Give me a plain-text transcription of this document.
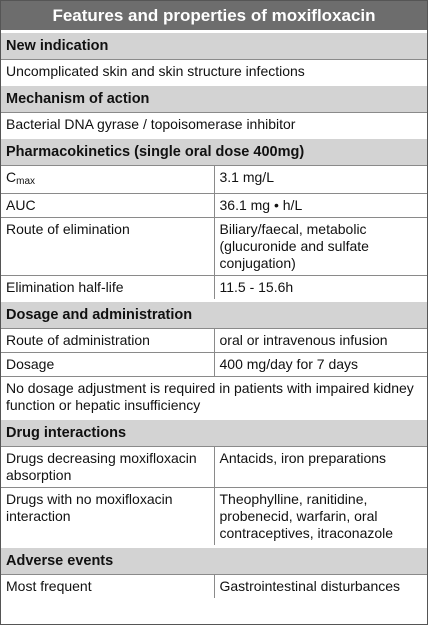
Features and properties of moxifloxacin
New indication	
Uncomplicated skin and skin structure infections	
Mechanism of action	
Bacterial DNA gyrase / topoisomerase inhibitor	
Pharmacokinetics (single oral dose 400mg)	
$C_{max}$	3.1 mg/L
AUC	36.1 mg • h/L
Route of elimination	Biliary/faecal, metabolic (glucuronide and sulfate conjugation)
Elimination half-life	11.5 - 15.6h
Dosage and administration	
Route of administration	oral or intravenous infusion
Dosage	400 mg/day for 7 days
No dosage adjustment is required in patients with impaired kidney function or hepatic insufficiency	
Drug interactions	
Drugs decreasing moxifloxacin absorption	Antacids, iron preparations
Drugs with no moxifloxacin interaction	Theophylline, ranitidine, probenecid, warfarin, oral contraceptives, itraconazole
Adverse events	
Most frequent	Gastrointestinal disturbances
